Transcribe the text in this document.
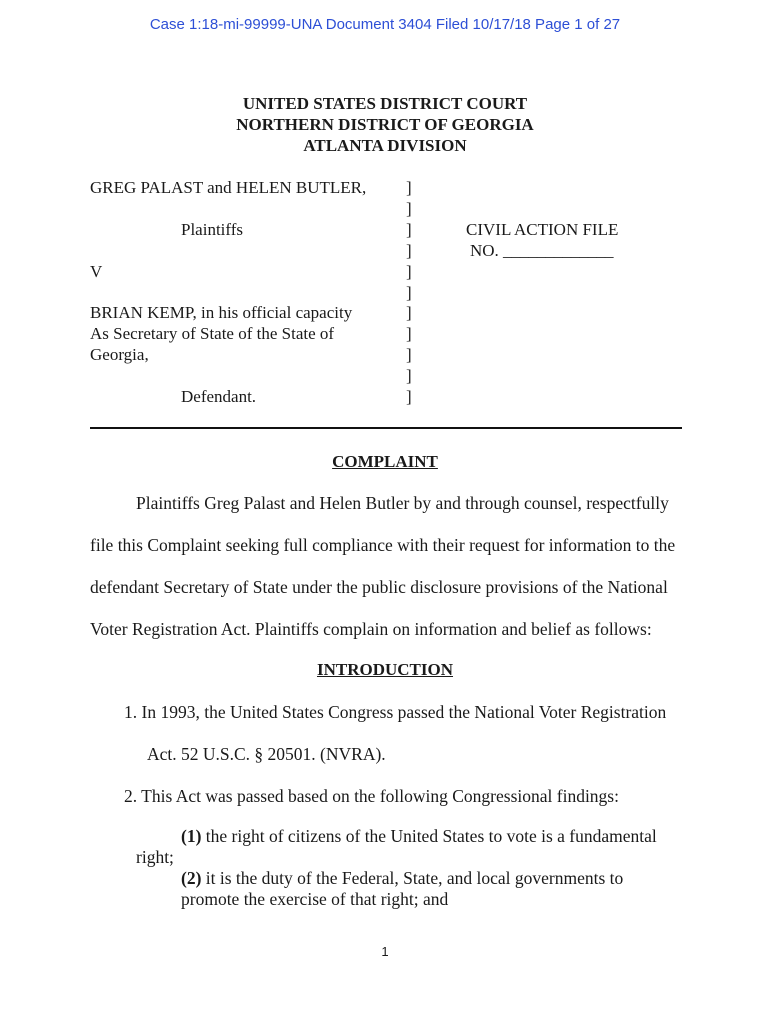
Case 1:18-mi-99999-UNA Document 3404 Filed 10/17/18 Page 1 of 27
UNITED STATES DISTRICT COURT
NORTHERN DISTRICT OF GEORGIA
ATLANTA DIVISION
GREG PALAST and HELEN BUTLER,
Plaintiffs
V
BRIAN KEMP, in his official capacity
As Secretary of State of the State of
Georgia,
Defendant.
]
]
]
]
]
]
]
]
]
]
]
CIVIL ACTION FILE
NO. _____________
COMPLAINT
Plaintiffs Greg Palast and Helen Butler by and through counsel, respectfully
file this Complaint seeking full compliance with their request for information to the
defendant Secretary of State under the public disclosure provisions of the National
Voter Registration Act. Plaintiffs complain on information and belief as follows:
INTRODUCTION
1. In 1993, the United States Congress passed the National Voter Registration
Act. 52 U.S.C. § 20501. (NVRA).
2. This Act was passed based on the following Congressional findings:
(1) the right of citizens of the United States to vote is a fundamental
right;
(2) it is the duty of the Federal, State, and local governments to
promote the exercise of that right; and
1
